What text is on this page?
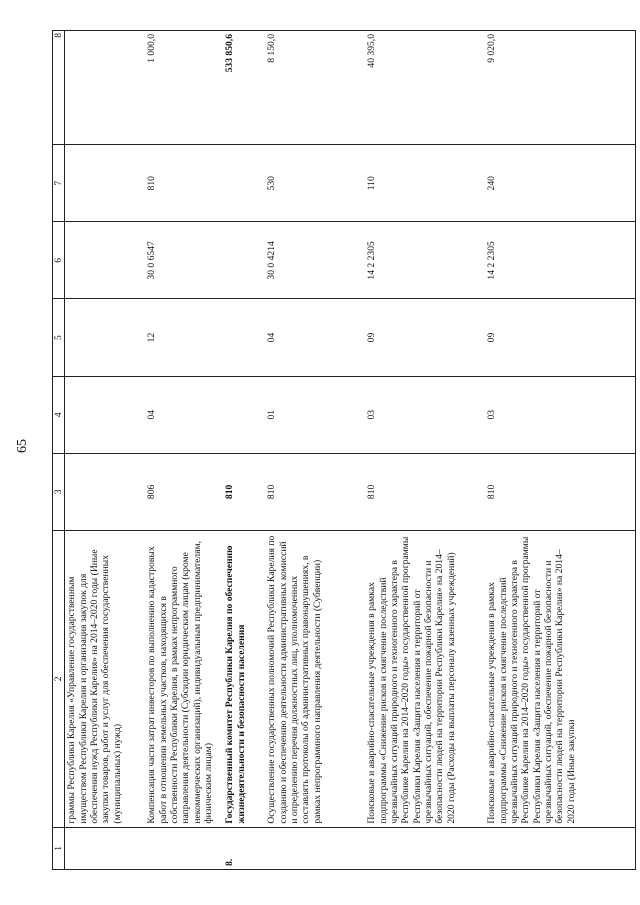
65
1	2	3	4	5	6	7	8
	граммы Республики Карелия «Управление государственным имуществом Республики Карелия и организация закупок для обеспечения нужд Республики Карелия» на 2014–2020 годы (Иные закупки товаров, работ и услуг для обеспечения государственных (муниципальных) нужд)						
	Компенсация части затрат инвесторов по выполнению кадастровых работ в отношении земельных участков, находящихся в собственности Республики Карелия, в рамках непрограммного направления деятельности (Субсидии юридическим лицам (кроме некоммерческих организаций), индивидуальным предпринимателям, физическим лицам)	806	04	12	30 0 6547	810	1 000,0
8.	Государственный комитет Республики Карелия по обеспечению жизнедеятельности и безопасности населения	810					533 850,6
	Осуществление государственных полномочий Республики Карелия по созданию и обеспечению деятельности административных комиссий и определению перечня должностных лиц, уполномоченных составлять протоколы об административных правонарушениях, в рамках непрограммного направления деятельности (Субвенции)	810	01	04	30 0 4214	530	8 150,0
	Поисковые и аварийно-спасательные учреждения в рамках подпрограммы «Снижение рисков и смягчение последствий чрезвычайных ситуаций природного и техногенного характера в Республике Карелия на 2014–2020 годы» государственной программы Республики Карелия «Защита населения и территорий от чрезвычайных ситуаций, обеспечение пожарной безопасности и безопасности людей на территории Республики Карелия» на 2014–2020 годы (Расходы на выплаты персоналу казенных учреждений)	810	03	09	14 2 2305	110	40 395,0
	Поисковые и аварийно-спасательные учреждения в рамках подпрограммы «Снижение рисков и смягчение последствий чрезвычайных ситуаций природного и техногенного характера в Республике Карелия на 2014–2020 годы» государственной программы Республики Карелия «Защита населения и территорий от чрезвычайных ситуаций, обеспечение пожарной безопасности и безопасности людей на территории Республики Карелия» на 2014–2020 годы (Иные закупки	810	03	09	14 2 2305	240	9 020,0
